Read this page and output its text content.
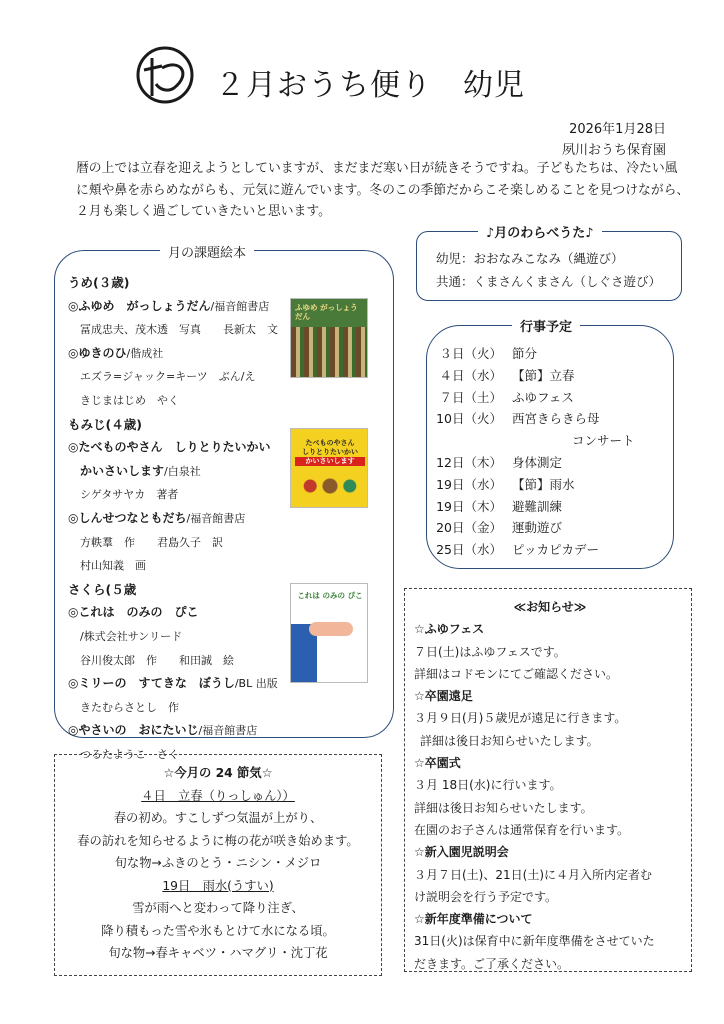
２月おうち便り　幼児
2026年1月28日
夙川おうち保育園

暦の上では立春を迎えようとしていますが、まだまだ寒い日が続きそうですね。子どもたちは、冷たい風

に頬や鼻を赤らめながらも、元気に遊んでいます。冬のこの季節だからこそ楽しめることを見つけながら、

２月も楽しく過ごしていきたいと思います。

月の課題絵本
うめ(３歳)
◎ふゆめ　がっしょうだん/福音館書店
冨成忠夫、茂木透　写真　　長新太　文
◎ゆきのひ/偕成社
エズラ=ジャック=キーツ　ぶん/え
きじまはじめ　やく
もみじ(４歳)
◎たべものやさん　しりとりたいかい
かいさいします/白泉社
シゲタサヤカ　著者
◎しんせつなともだち/福音館書店
方軼羣　作　　君島久子　訳
村山知義　画
さくら(５歳
◎これは　のみの　ぴこ
/株式会社サンリード
谷川俊太郎　作　　和田誠　絵
◎ミリーの　すてきな　ぼうし/BL 出版
きたむらさとし　作
◎やさいの　おにたいじ/福音館書店
つるたようこ　さく
ふゆめ がっしょうだん
たべものやさん
しりとりたいかい
かいさいします
これは のみの ぴこ
♪月のわらべうた♪
幼児：おおなみこなみ（縄遊び）
共通：くまさんくまさん（しぐさ遊び）
行事予定
３日（火） 節分
４日（水） 【節】立春
７日（土） ふゆフェス
10日（火） 西宮きらきら母
コンサート
12日（木） 身体測定
19日（水） 【節】雨水
19日（木） 避難訓練
20日（金） 運動遊び
25日（水） ピッカピカデー
≪お知らせ≫
☆ふゆフェス
７日(土)はふゆフェスです。
詳細はコドモンにてご確認ください。
☆卒園遠足
３月９日(月)５歳児が遠足に行きます。
詳細は後日お知らせいたします。
☆卒園式
３月 18日(水)に行います。
詳細は後日お知らせいたします。
在園のお子さんは通常保育を行います。
☆新入園児説明会
３月７日(土)、21日(土)に４月入所内定者む
け説明会を行う予定です。
☆新年度準備について
31日(火)は保育中に新年度準備をさせていた
だきます。ご了承ください。
☆今月の 24 節気☆
４日　立春（りっしゅん））
春の初め。すこしずつ気温が上がり、
春の訪れを知らせるように梅の花が咲き始めます。
旬な物→ふきのとう・ニシン・メジロ
19日　雨水(うすい)
雪が雨へと変わって降り注ぎ、
降り積もった雪や氷もとけて水になる頃。
旬な物→春キャベツ・ハマグリ・沈丁花
